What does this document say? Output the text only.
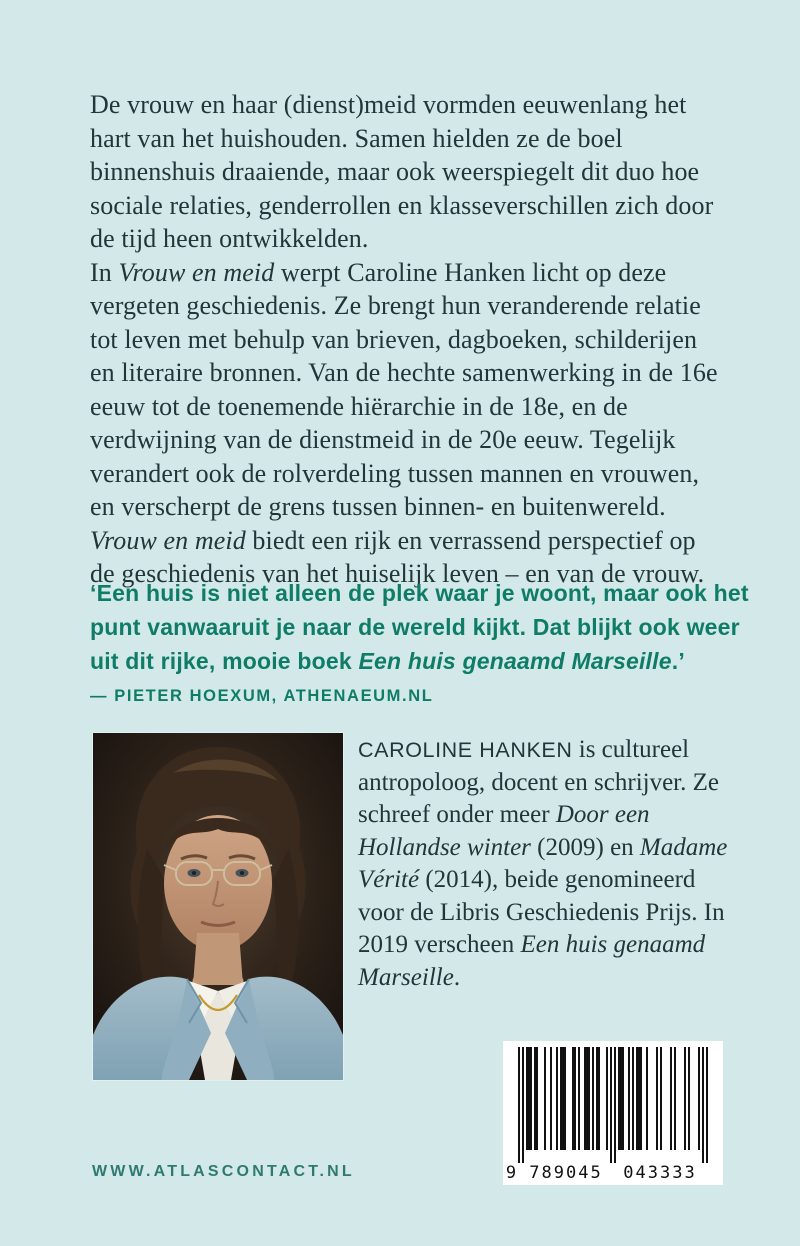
De vrouw en haar (dienst)meid vormden eeuwenlang het hart van het huishouden. Samen hielden ze de boel binnenshuis draaiende, maar ook weerspiegelt dit duo hoe sociale relaties, genderrollen en klasseverschillen zich door de tijd heen ontwikkelden.

In Vrouw en meid werpt Caroline Hanken licht op deze vergeten geschiedenis. Ze brengt hun veranderende relatie tot leven met behulp van brieven, dagboeken, schilderijen en literaire bronnen. Van de hechte samenwerking in de 16e eeuw tot de toenemende hiërarchie in de 18e, en de verdwijning van de dienstmeid in de 20e eeuw. Tegelijk verandert ook de rolverdeling tussen mannen en vrouwen, en verscherpt de grens tussen binnen- en buitenwereld. Vrouw en meid biedt een rijk en verrassend perspectief op de geschiedenis van het huiselijk leven – en van de vrouw.

‘Een huis is niet alleen de plek waar je woont, maar ook het punt vanwaaruit je naar de wereld kijkt. Dat blijkt ook weer uit dit rijke, mooie boek Een huis genaamd Marseille.’
— PIETER HOEXUM, ATHENAEUM.NL
CAROLINE HANKEN is cultureel antropoloog, docent en schrijver. Ze schreef onder meer Door een Hollandse winter (2009) en Madame Vérité (2014), beide genomineerd voor de Libris Geschiedenis Prijs. In 2019 verscheen Een huis genaamd Marseille.
WWW.ATLASCONTACT.NL	9 789045 043333
